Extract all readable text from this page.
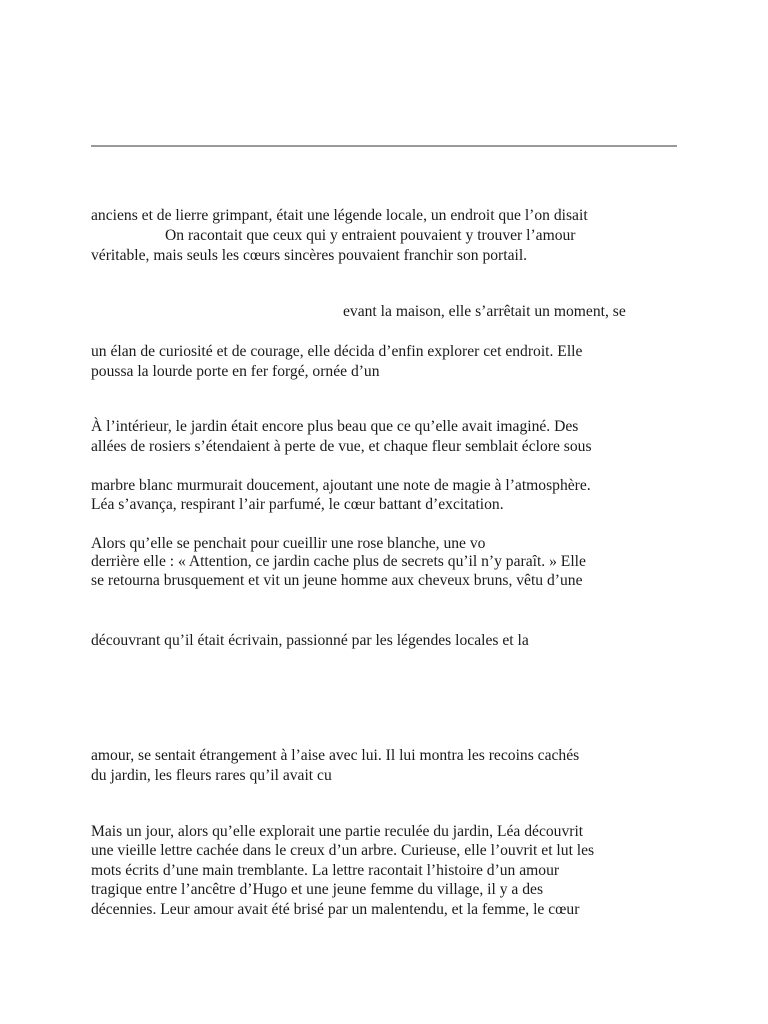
anciens et de lierre grimpant, était une légende locale, un endroit que l’on disait
On racontait que ceux qui y entraient pouvaient y trouver l’amour
véritable, mais seuls les cœurs sincères pouvaient franchir son portail.
evant la maison, elle s’arrêtait un moment, se
un élan de curiosité et de courage, elle décida d’enfin explorer cet endroit. Elle
poussa la lourde porte en fer forgé, ornée d’un
À l’intérieur, le jardin était encore plus beau que ce qu’elle avait imaginé. Des
allées de rosiers s’étendaient à perte de vue, et chaque fleur semblait éclore sous
marbre blanc murmurait doucement, ajoutant une note de magie à l’atmosphère.
Léa s’avança, respirant l’air parfumé, le cœur battant d’excitation.
Alors qu’elle se penchait pour cueillir une rose blanche, une vo
derrière elle : « Attention, ce jardin cache plus de secrets qu’il n’y paraît. » Elle
se retourna brusquement et vit un jeune homme aux cheveux bruns, vêtu d’une
découvrant qu’il était écrivain, passionné par les légendes locales et la
amour, se sentait étrangement à l’aise avec lui. Il lui montra les recoins cachés
du jardin, les fleurs rares qu’il avait cu
Mais un jour, alors qu’elle explorait une partie reculée du jardin, Léa découvrit
une vieille lettre cachée dans le creux d’un arbre. Curieuse, elle l’ouvrit et lut les
mots écrits d’une main tremblante. La lettre racontait l’histoire d’un amour
tragique entre l’ancêtre d’Hugo et une jeune femme du village, il y a des
décennies. Leur amour avait été brisé par un malentendu, et la femme, le cœur
